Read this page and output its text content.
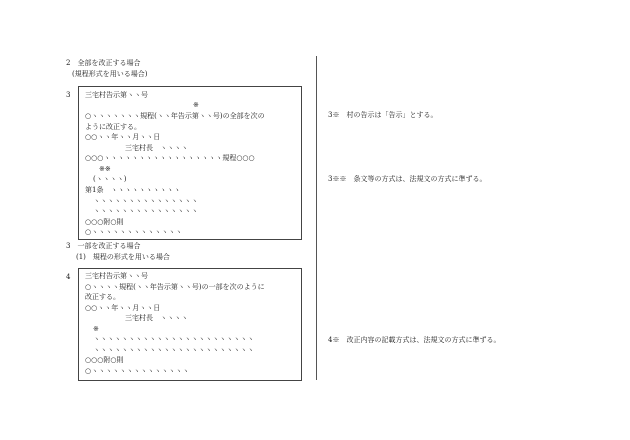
2　全部を改正する場合
(規程形式を用いる場合)
3 三宅村告示第ヽヽ号
※
○ヽヽヽヽヽヽヽ規程(ヽヽ年告示第ヽヽ号)の全部を次の
ように改正する。
○○ヽヽ年ヽヽ月ヽヽ日
三宅村長　ヽヽヽヽ
○○○ヽヽヽヽヽヽヽヽヽヽヽヽヽヽヽヽヽ規程○○○
※※
(ヽヽヽヽ)
第1条　ヽヽヽヽヽヽヽヽヽヽ
ヽヽヽヽヽヽヽヽヽヽヽヽヽヽヽ
ヽヽヽヽヽヽヽヽヽヽヽヽヽヽヽ
○○○附○則
○ヽヽヽヽヽヽヽヽヽヽヽヽヽ
3　一部を改正する場合
(1)　規程の形式を用いる場合
4 三宅村告示第ヽヽ号
○ヽヽヽヽ規程(ヽヽ年告示第ヽヽ号)の一部を次のように
改正する。
○○ヽヽ年ヽヽ月ヽヽ日
三宅村長　ヽヽヽヽ
※
ヽヽヽヽヽヽヽヽヽヽヽヽヽヽヽヽヽヽヽヽヽヽヽ
ヽヽヽヽヽヽヽヽヽヽヽヽヽヽヽヽヽヽヽヽヽヽヽ
○○○附○則
○ヽヽヽヽヽヽヽヽヽヽヽヽヽヽ
3※　村の告示は「告示」とする。
3※※　条文等の方式は、法規文の方式に準ずる。
4※　改正内容の記載方式は、法規文の方式に準ずる。
